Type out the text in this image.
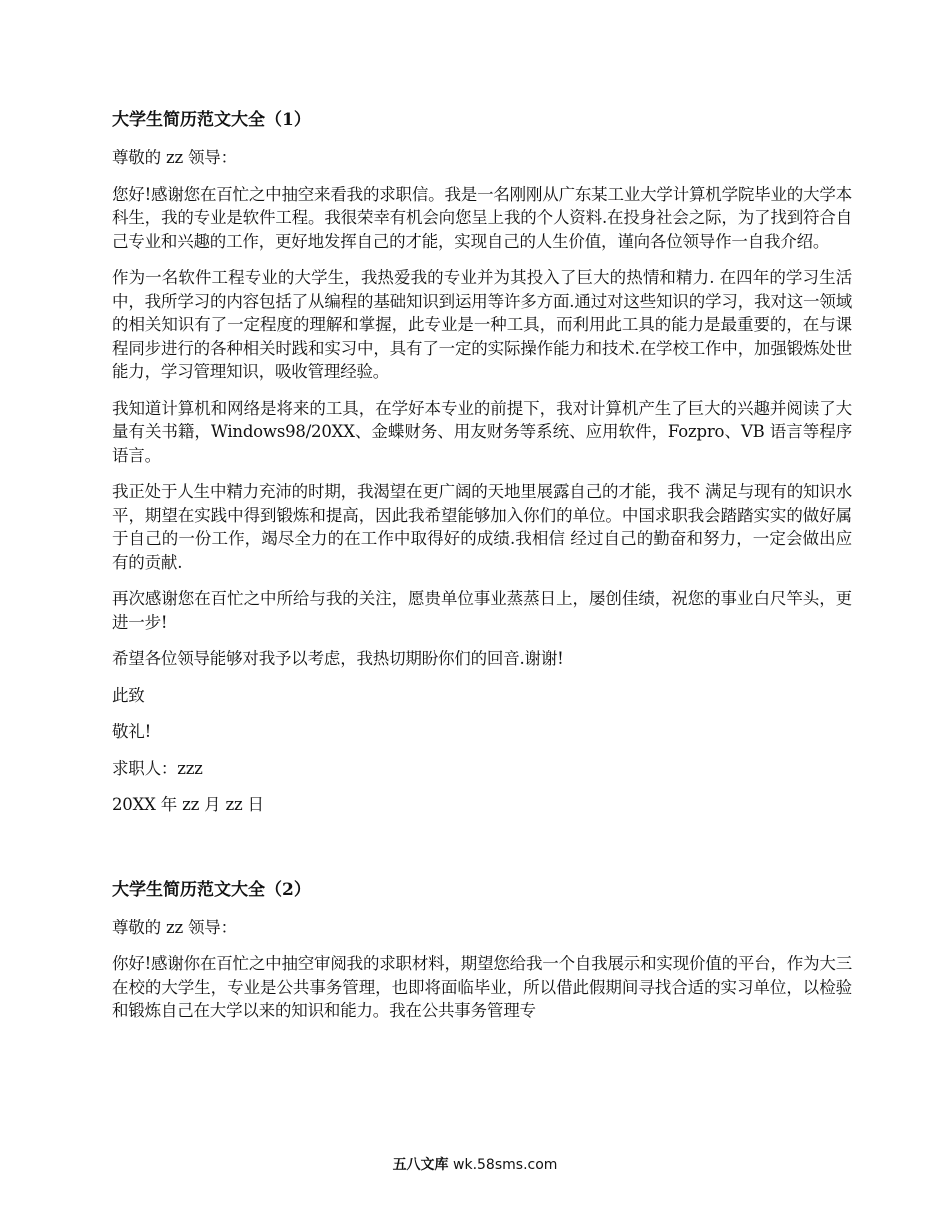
大学生简历范文大全（1）

尊敬的 zz 领导：

您好!感谢您在百忙之中抽空来看我的求职信。我是一名刚刚从广东某工业大学计算机学院毕业的大学本科生，我的专业是软件工程。我很荣幸有机会向您呈上我的个人资料.在投身社会之际，为了找到符合自己专业和兴趣的工作，更好地发挥自己的才能，实现自己的人生价值，谨向各位领导作一自我介绍。

作为一名软件工程专业的大学生，我热爱我的专业并为其投入了巨大的热情和精力. 在四年的学习生活中，我所学习的内容包括了从编程的基础知识到运用等许多方面.通过对这些知识的学习，我对这一领域的相关知识有了一定程度的理解和掌握，此专业是一种工具，而利用此工具的能力是最重要的，在与课程同步进行的各种相关时践和实习中，具有了一定的实际操作能力和技术.在学校工作中，加强锻炼处世能力，学习管理知识，吸收管理经验。

我知道计算机和网络是将来的工具，在学好本专业的前提下，我对计算机产生了巨大的兴趣并阅读了大量有关书籍，Windows98/20XX、金蝶财务、用友财务等系统、应用软件，Fozpro、VB 语言等程序语言。

我正处于人生中精力充沛的时期，我渴望在更广阔的天地里展露自己的才能，我不 满足与现有的知识水平，期望在实践中得到锻炼和提高，因此我希望能够加入你们的单位。中国求职我会踏踏实实的做好属于自己的一份工作，竭尽全力的在工作中取得好的成绩.我相信 经过自己的勤奋和努力，一定会做出应有的贡献.

再次感谢您在百忙之中所给与我的关注，愿贵单位事业蒸蒸日上，屡创佳绩，祝您的事业白尺竿头，更进一步!

希望各位领导能够对我予以考虑，我热切期盼你们的回音.谢谢!

此致

敬礼!

求职人：zzz

20XX 年 zz 月 zz 日

大学生简历范文大全（2）

尊敬的 zz 领导：

你好!感谢你在百忙之中抽空审阅我的求职材料，期望您给我一个自我展示和实现价值的平台，作为大三在校的大学生，专业是公共事务管理，也即将面临毕业，所以借此假期间寻找合适的实习单位，以检验和锻炼自己在大学以来的知识和能力。我在公共事务管理专

五八文库 wk.58sms.com
